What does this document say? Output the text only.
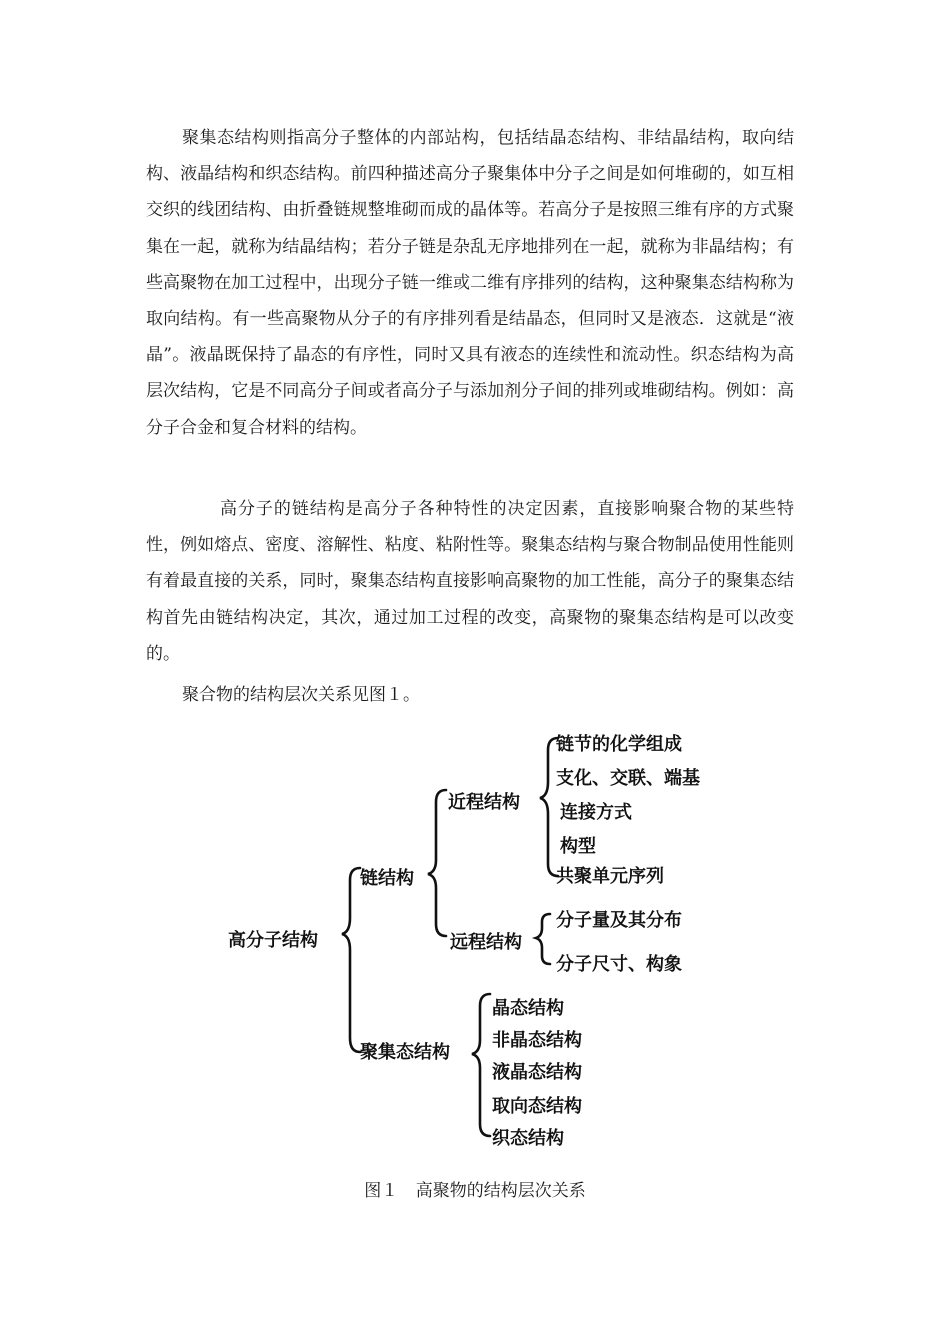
聚集态结构则指高分子整体的内部站构，包括结晶态结构、非结晶结构，取向结构、液晶结构和织态结构。前四种描述高分子聚集体中分子之间是如何堆砌的，如互相交织的线团结构、由折叠链规整堆砌而成的晶体等。若高分子是按照三维有序的方式聚集在一起，就称为结晶结构；若分子链是杂乱无序地排列在一起，就称为非晶结构；有些高聚物在加工过程中，出现分子链一维或二维有序排列的结构，这种聚集态结构称为取向结构。有一些高聚物从分子的有序排列看是结晶态，但同时又是液态．这就是“液晶”。液晶既保持了晶态的有序性，同时又具有液态的连续性和流动性。织态结构为高层次结构，它是不同高分子间或者高分子与添加剂分子间的排列或堆砌结构。例如：高分子合金和复合材料的结构。

高分子的链结构是高分子各种特性的决定因素，直接影响聚合物的某些特性，例如熔点、密度、溶解性、粘度、粘附性等。聚集态结构与聚合物制品使用性能则有着最直接的关系，同时，聚集态结构直接影响高聚物的加工性能，高分子的聚集态结构首先由链结构决定，其次，通过加工过程的改变，高聚物的聚集态结构是可以改变的。

聚合物的结构层次关系见图１。

高分子结构
链结构
近程结构
链节的化学组成
支化、交联、端基
连接方式
构型
共聚单元序列
远程结构
分子量及其分布
分子尺寸、构象
聚集态结构
晶态结构
非晶态结构
液晶态结构
取向态结构
织态结构
图１ 高聚物的结构层次关系
